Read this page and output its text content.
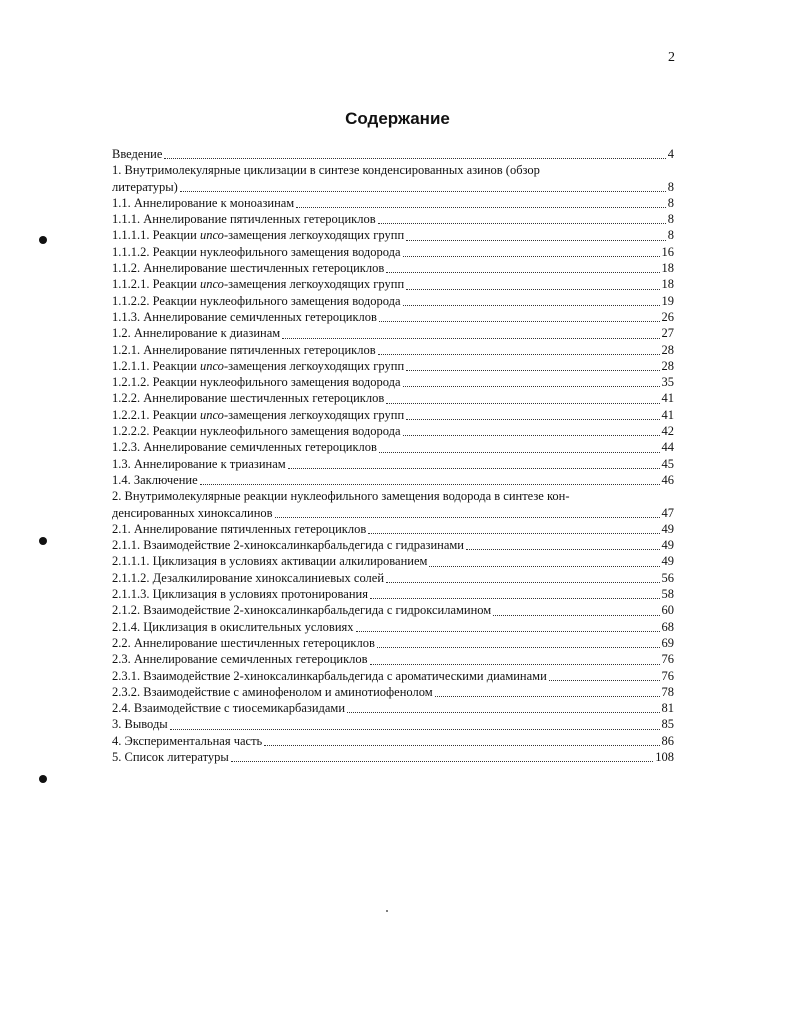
2
Содержание
Введение	4
1. Внутримолекулярные циклизации в синтезе конденсированных азинов (обзор
литературы)	8
1.1. Аннелирование к моноазинам	8
1.1.1. Аннелирование пятичленных гетероциклов	8
1.1.1.1. Реакции ипсо-замещения легкоуходящих групп	8
1.1.1.2. Реакции нуклеофильного замещения водорода	16
1.1.2. Аннелирование шестичленных гетероциклов	18
1.1.2.1. Реакции ипсо-замещения легкоуходящих групп	18
1.1.2.2. Реакции нуклеофильного замещения водорода	19
1.1.3. Аннелирование семичленных гетероциклов	26
1.2. Аннелирование к диазинам	27
1.2.1. Аннелирование пятичленных гетероциклов	28
1.2.1.1. Реакции ипсо-замещения легкоуходящих групп	28
1.2.1.2. Реакции нуклеофильного замещения водорода	35
1.2.2. Аннелирование шестичленных гетероциклов	41
1.2.2.1. Реакции ипсо-замещения легкоуходящих групп	41
1.2.2.2. Реакции нуклеофильного замещения водорода	42
1.2.3. Аннелирование семичленных гетероциклов	44
1.3. Аннелирование к триазинам	45
1.4. Заключение	46
2. Внутримолекулярные реакции нуклеофильного замещения водорода в синтезе кон-
денсированных хиноксалинов	47
2.1. Аннелирование пятичленных гетероциклов	49
2.1.1. Взаимодействие 2-хиноксалинкарбальдегида с гидразинами	49
2.1.1.1. Циклизация в условиях активации алкилированием	49
2.1.1.2. Дезалкилирование хиноксалиниевых солей	56
2.1.1.3. Циклизация в условиях протонирования	58
2.1.2. Взаимодействие 2-хиноксалинкарбальдегида с гидроксиламином	60
2.1.4. Циклизация в окислительных условиях	68
2.2. Аннелирование шестичленных гетероциклов	69
2.3. Аннелирование семичленных гетероциклов	76
2.3.1. Взаимодействие 2-хиноксалинкарбальдегида с ароматическими диаминами	76
2.3.2. Взаимодействие с аминофенолом и аминотиофенолом	78
2.4. Взаимодействие с тиосемикарбазидами	81
3. Выводы	85
4. Экспериментальная часть	86
5. Список литературы	108
